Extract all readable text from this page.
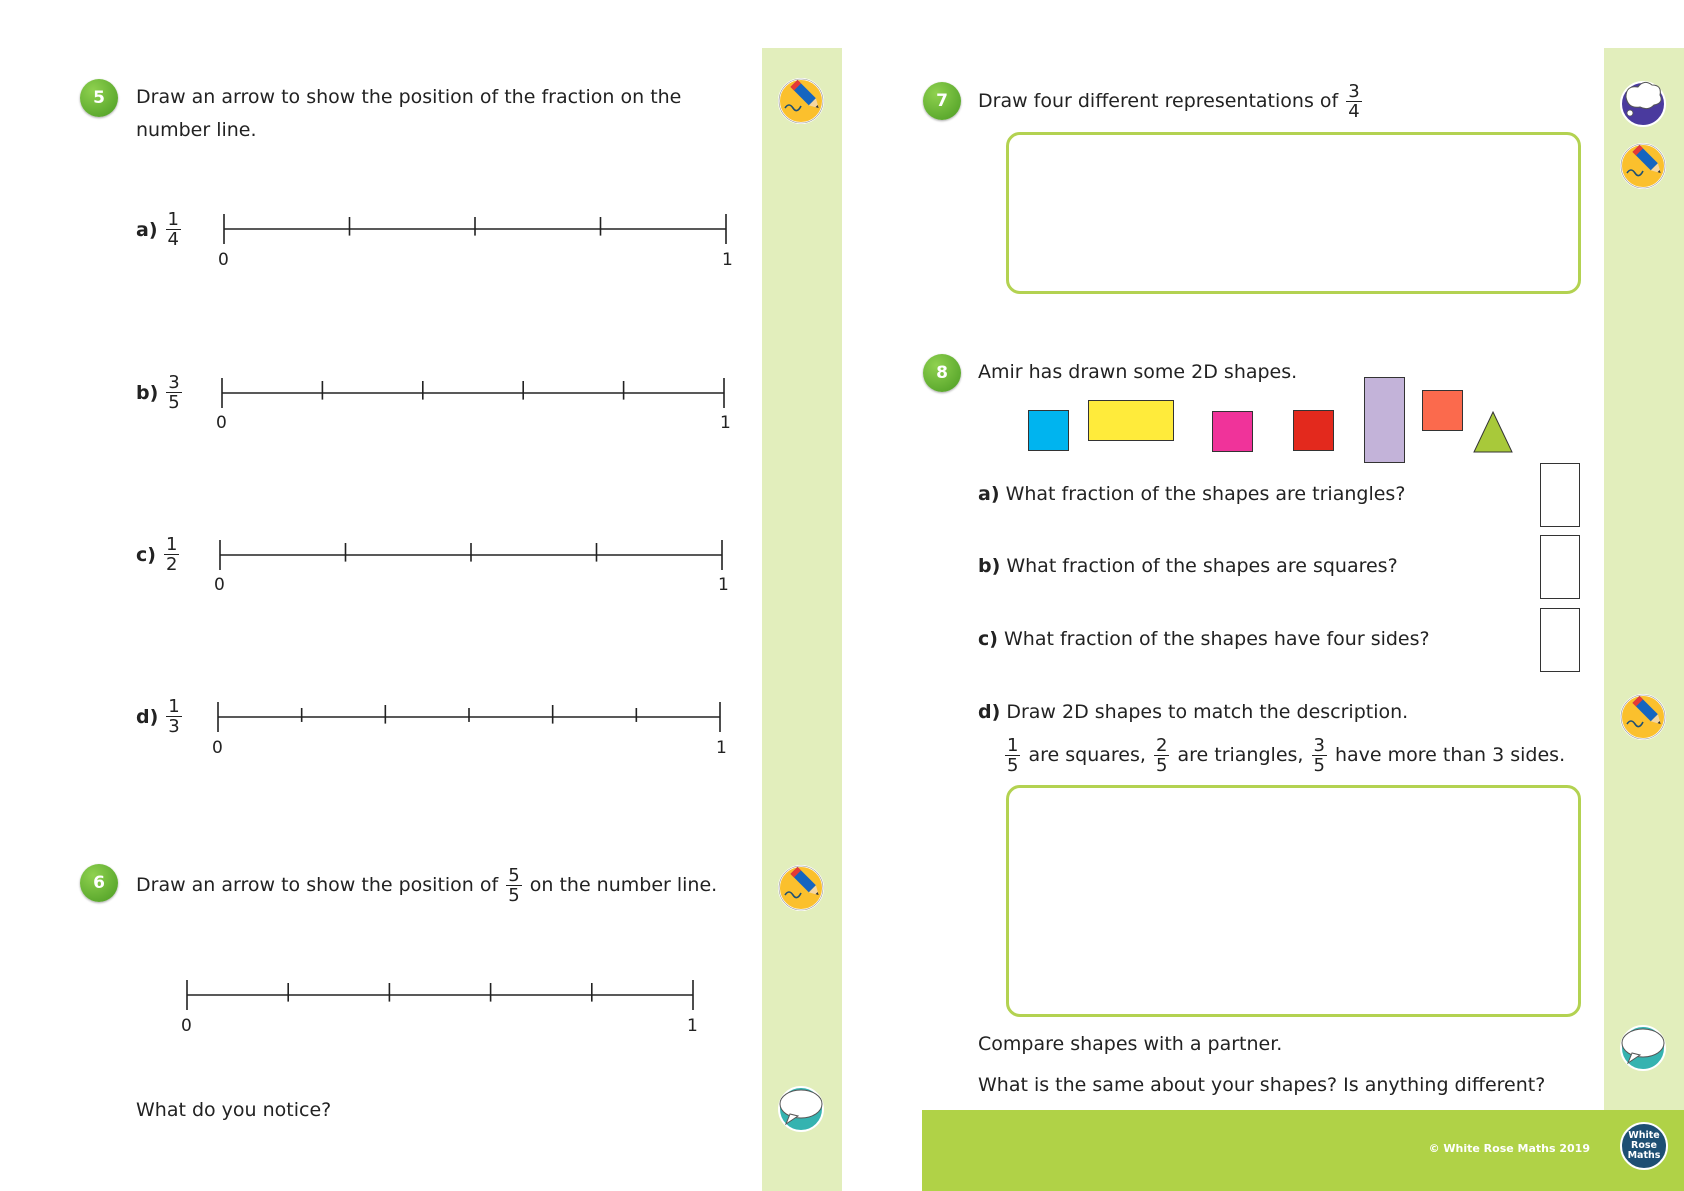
5	Draw an arrow to show the position of the fraction on the
number line.
$a) \frac{1}{4}$
0	1
$b) \frac{3}{5}$
0	1
$c) \frac{1}{2}$
0	1
$d) \frac{1}{3}$
0	1
6	Draw an arrow to show the position of $\frac{5}{5}$ on the number line.
0	1
What do you notice?
7	Draw four different representations of $\frac{3}{4}$
8	Amir has drawn some 2D shapes.
a) What fraction of the shapes are triangles?
b) What fraction of the shapes are squares?
c) What fraction of the shapes have four sides?
d) Draw 2D shapes to match the description.
$\frac{1}{5}$ are squares, $\frac{2}{5}$ are triangles, $\frac{3}{5}$ have more than 3 sides.
Compare shapes with a partner.
What is the same about your shapes? Is anything different?
© White Rose Maths 2019
White
Rose
Maths
